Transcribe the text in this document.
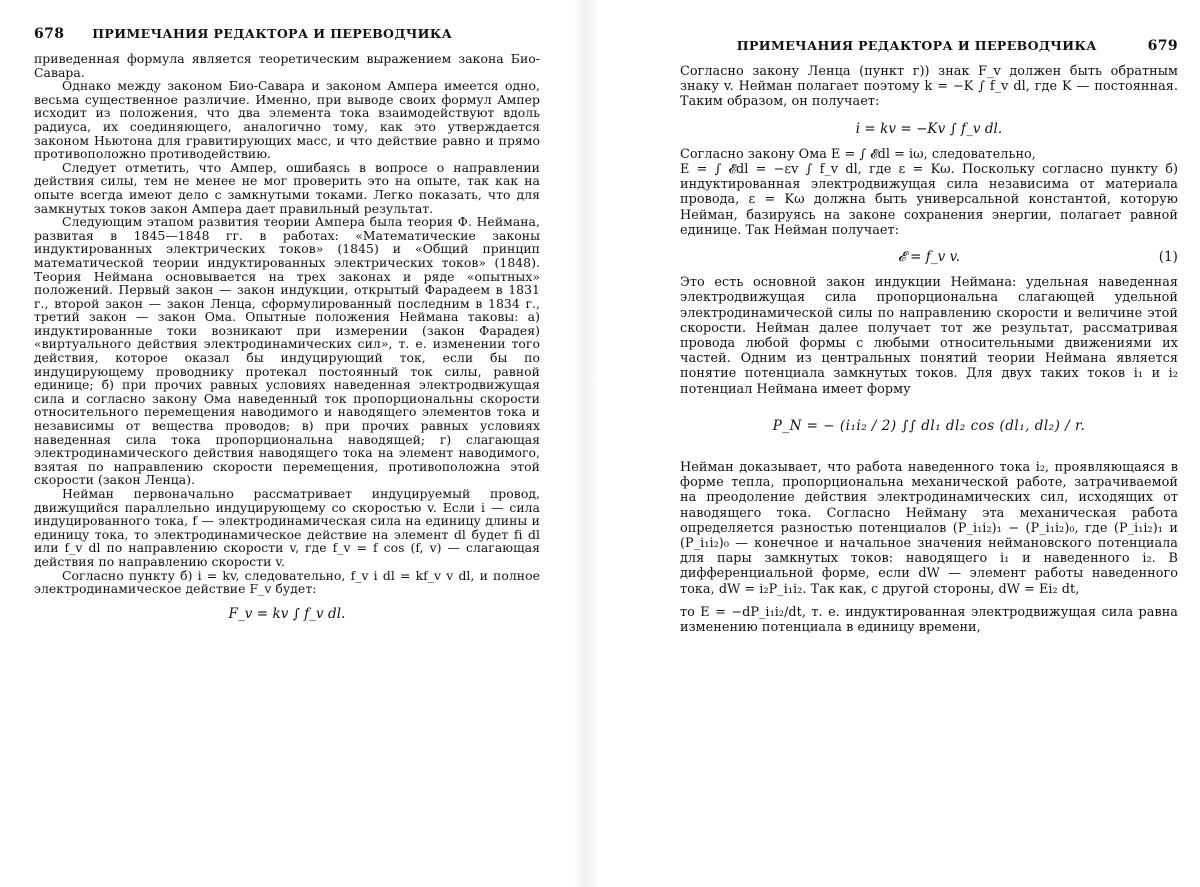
678	ПРИМЕЧАНИЯ РЕДАКТОРА И ПЕРЕВОДЧИКА

приведенная формула является теоретическим выражением закона Био-Савара.

Однако между законом Био-Савара и законом Ампера имеется одно, весьма существенное различие. Именно, при выводе своих формул Ампер исходит из положения, что два элемента тока взаимодействуют вдоль радиуса, их соединяющего, аналогично тому, как это утверждается законом Ньютона для гравитирующих масс, и что действие равно и прямо противоположно противодействию.

Следует отметить, что Ампер, ошибаясь в вопросе о направлении действия силы, тем не менее не мог проверить это на опыте, так как на опыте всегда имеют дело с замкнутыми токами. Легко показать, что для замкнутых токов закон Ампера дает правильный результат.

Следующим этапом развития теории Ампера была теория Ф. Неймана, развитая в 1845—1848 гг. в работах: «Математические законы индуктированных электрических токов» (1845) и «Общий принцип математической теории индуктированных электрических токов» (1848). Теория Неймана основывается на трех законах и ряде «опытных» положений. Первый закон — закон индукции, открытый Фарадеем в 1831 г., второй закон — закон Ленца, сформулированный последним в 1834 г., третий закон — закон Ома. Опытные положения Неймана таковы: а) индуктированные токи возникают при измерении (закон Фарадея) «виртуального действия электродинамических сил», т. е. изменении того действия, которое оказал бы индуцирующий ток, если бы по индуцирующему проводнику протекал постоянный ток силы, равной единице; б) при прочих равных условиях наведенная электродвижущая сила и согласно закону Ома наведенный ток пропорциональны скорости относительного перемещения наводимого и наводящего элементов тока и независимы от вещества проводов; в) при прочих равных условиях наведенная сила тока пропорциональна наводящей; г) слагающая электродинамического действия наводящего тока на элемент наводимого, взятая по направлению скорости перемещения, противоположна этой скорости (закон Ленца).

Нейман первоначально рассматривает индуцируемый провод, движущийся параллельно индуцирующему со скоростью v. Если i — сила индуцированного тока, f — электродинамическая сила на единицу длины и единицу тока, то электродинамическое действие на элемент dl будет fi dl или f_v dl по направлению скорости v, где f_v = f cos (f, v) — слагающая действия по направлению скорости v.

Согласно пункту б) i = kv, следовательно, f_v i dl = kf_v v dl, и полное электродинамическое действие F_v будет:

F_v = kv ∫ f_v dl.
ПРИМЕЧАНИЯ РЕДАКТОРА И ПЕРЕВОДЧИКА	679

Согласно закону Ленца (пункт г)) знак F_v должен быть обратным знаку v. Нейман полагает поэтому k = −K ∫ f_v dl, где K — постоянная. Таким образом, он получает:

i = kv = −Kv ∫ f_v dl.

Согласно закону Ома E = ∫ 𝓔dl = iω, следовательно,

E = ∫ 𝓔dl = −εv ∫ f_v dl, где ε = Kω. Поскольку согласно пункту б) индуктированная электродвижущая сила независима от материала провода, ε = Kω должна быть универсальной константой, которую Нейман, базируясь на законе сохранения энергии, полагает равной единице. Так Нейман получает:

𝓔 = f_v v.	(1)

Это есть основной закон индукции Неймана: удельная наведенная электродвижущая сила пропорциональна слагающей удельной электродинамической силы по направлению скорости и величине этой скорости. Нейман далее получает тот же результат, рассматривая провода любой формы с любыми относительными движениями их частей. Одним из центральных понятий теории Неймана является понятие потенциала замкнутых токов. Для двух таких токов i₁ и i₂ потенциал Неймана имеет форму

P_N = − (i₁i₂ / 2) ∫∫ dl₁ dl₂ cos (dl₁, dl₂) / r.

Нейман доказывает, что работа наведенного тока i₂, проявляющаяся в форме тепла, пропорциональна механической работе, затрачиваемой на преодоление действия электродинамических сил, исходящих от наводящего тока. Согласно Нейману эта механическая работа определяется разностью потенциалов (P_i₁i₂)₁ − (P_i₁i₂)₀, где (P_i₁i₂)₁ и (P_i₁i₂)₀ — конечное и начальное значения неймановского потенциала для пары замкнутых токов: наводящего i₁ и наведенного i₂. В дифференциальной форме, если dW — элемент работы наведенного тока, dW = i₂P_i₁i₂. Так как, с другой стороны, dW = Ei₂ dt,

то E = −dP_i₁i₂/dt, т. е. индуктированная электродвижущая сила равна изменению потенциала в единицу времени,
